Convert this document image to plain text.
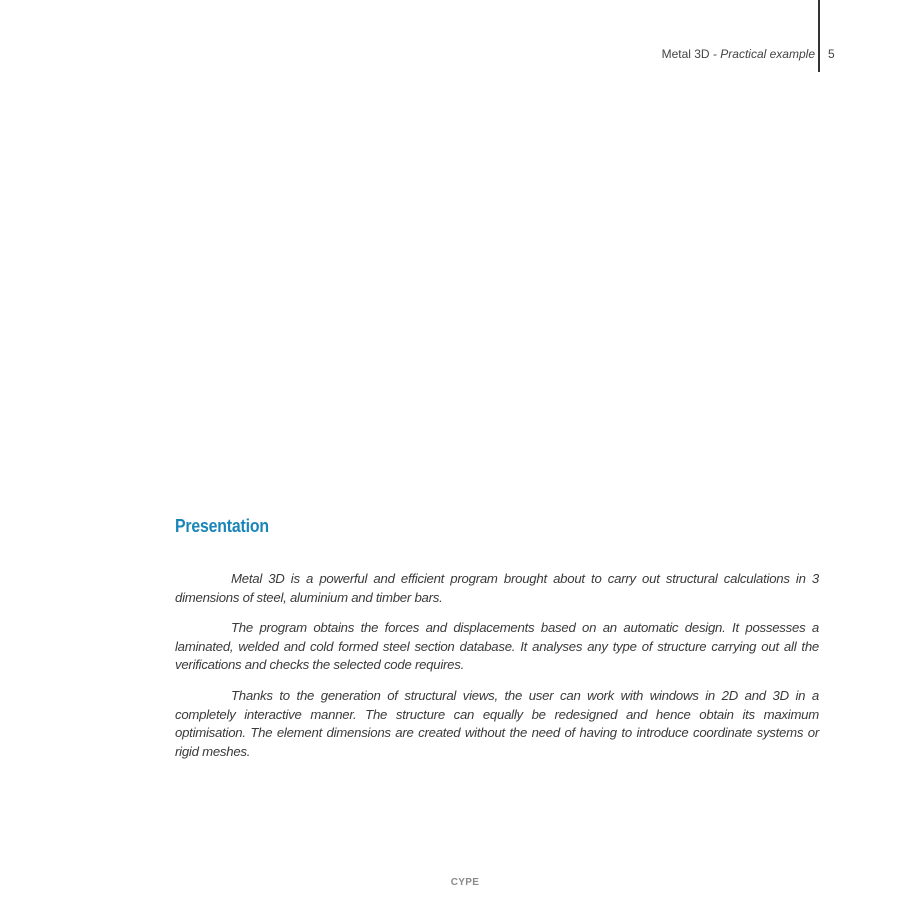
Metal 3D - Practical example 5
Presentation

Metal 3D is a powerful and efficient program brought about to carry out structural calculations in 3 dimensions of steel, aluminium and timber bars.

The program obtains the forces and displacements based on an automatic design. It possesses a laminated, welded and cold formed steel section database. It analyses any type of structure carrying out all the verifications and checks the selected code requires.

Thanks to the generation of structural views, the user can work with windows in 2D and 3D in a completely interactive manner. The structure can equally be redesigned and hence obtain its maximum optimisation. The element dimensions are created without the need of having to introduce coordinate systems or rigid meshes.

CYPE
